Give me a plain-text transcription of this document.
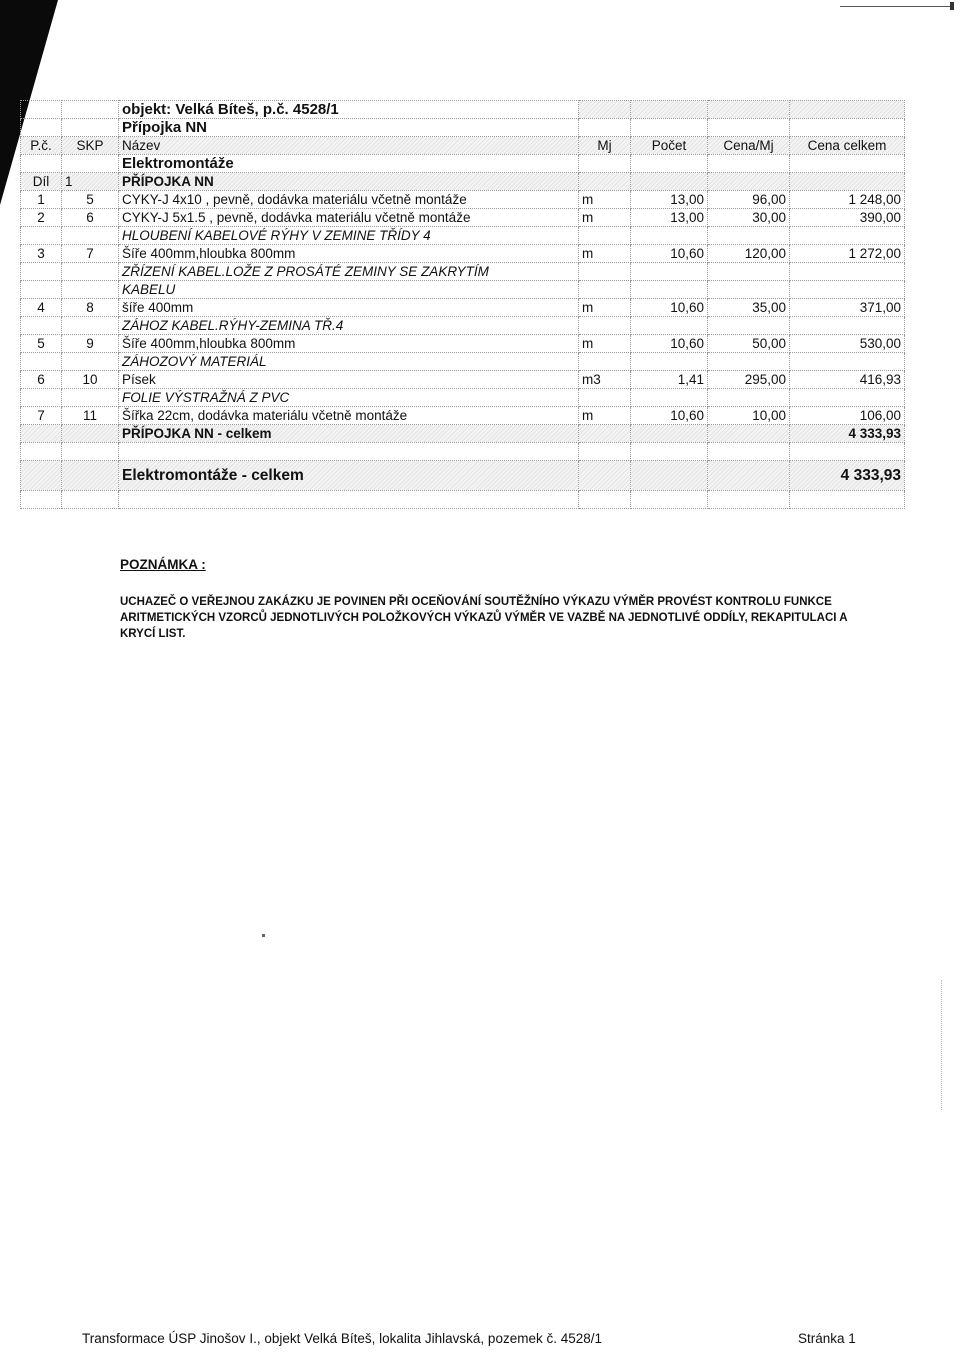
		objekt: Velká Bíteš, p.č. 4528/1				
		Přípojka NN				
P.č.	SKP	Název	Mj	Počet	Cena/Mj	Cena celkem
		Elektromontáže				
Díl	1	PŘÍPOJKA NN				
1	5	CYKY-J 4x10 , pevně, dodávka materiálu včetně montáže	m	13,00	96,00	1 248,00
2	6	CYKY-J 5x1.5 , pevně, dodávka materiálu včetně montáže	m	13,00	30,00	390,00
		HLOUBENÍ KABELOVÉ RÝHY V ZEMINE TŘÍDY 4				
3	7	Šíře 400mm,hloubka 800mm	m	10,60	120,00	1 272,00
		ZŘÍZENÍ KABEL.LOŽE Z PROSÁTÉ ZEMINY SE ZAKRYTÍM				
		KABELU				
4	8	šíře 400mm	m	10,60	35,00	371,00
		ZÁHOZ KABEL.RÝHY-ZEMINA TŘ.4				
5	9	Šíře 400mm,hloubka 800mm	m	10,60	50,00	530,00
		ZÁHOZOVÝ MATERIÁL				
6	10	Písek	m3	1,41	295,00	416,93
		FOLIE VÝSTRAŽNÁ Z PVC				
7	11	Šířka 22cm, dodávka materiálu včetně montáže	m	10,60	10,00	106,00
		PŘÍPOJKA NN - celkem				4 333,93

		Elektromontáže - celkem				4 333,93

POZNÁMKA :
UCHAZEČ O VEŘEJNOU ZAKÁZKU JE POVINEN PŘI OCEŇOVÁNÍ SOUTĚŽNÍHO VÝKAZU VÝMĚR PROVÉST KONTROLU FUNKCE ARITMETICKÝCH VZORCŮ JEDNOTLIVÝCH POLOŽKOVÝCH VÝKAZŮ VÝMĚR VE VAZBĚ NA JEDNOTLIVÉ ODDÍLY, REKAPITULACI A KRYCÍ LIST.
Transformace ÚSP Jinošov I., objekt Velká Bíteš, lokalita Jihlavská, pozemek č. 4528/1	Stránka 1
